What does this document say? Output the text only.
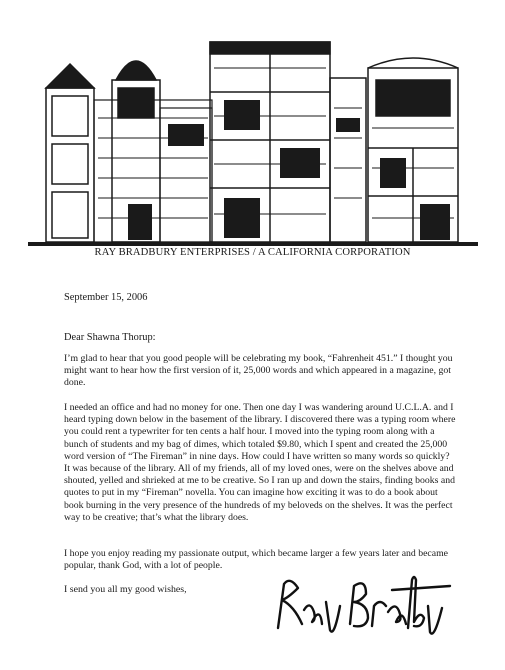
RAY BRADBURY ENTERPRISES / A CALIFORNIA CORPORATION
September 15, 2006
Dear Shawna Thorup:

I’m glad to hear that you good people will be celebrating my book, “Fahrenheit 451.” I thought you might want to hear how the first version of it, 25,000 words and which appeared in a magazine, got done.

I needed an office and had no money for one. Then one day I was wandering around U.C.L.A. and I heard typing down below in the basement of the library. I discovered there was a typing room where you could rent a typewriter for ten cents a half hour. I moved into the typing room along with a bunch of students and my bag of dimes, which totaled $9.80, which I spent and created the 25,000 word version of “The Fireman” in nine days. How could I have written so many words so quickly? It was because of the library. All of my friends, all of my loved ones, were on the shelves above and shouted, yelled and shrieked at me to be creative. So I ran up and down the stairs, finding books and quotes to put in my “Fireman” novella. You can imagine how exciting it was to do a book about book burning in the very presence of the hundreds of my beloveds on the shelves. It was the perfect way to be creative; that’s what the library does.

I hope you enjoy reading my passionate output, which became larger a few years later and became popular, thank God, with a lot of people.

I send you all my good wishes,
